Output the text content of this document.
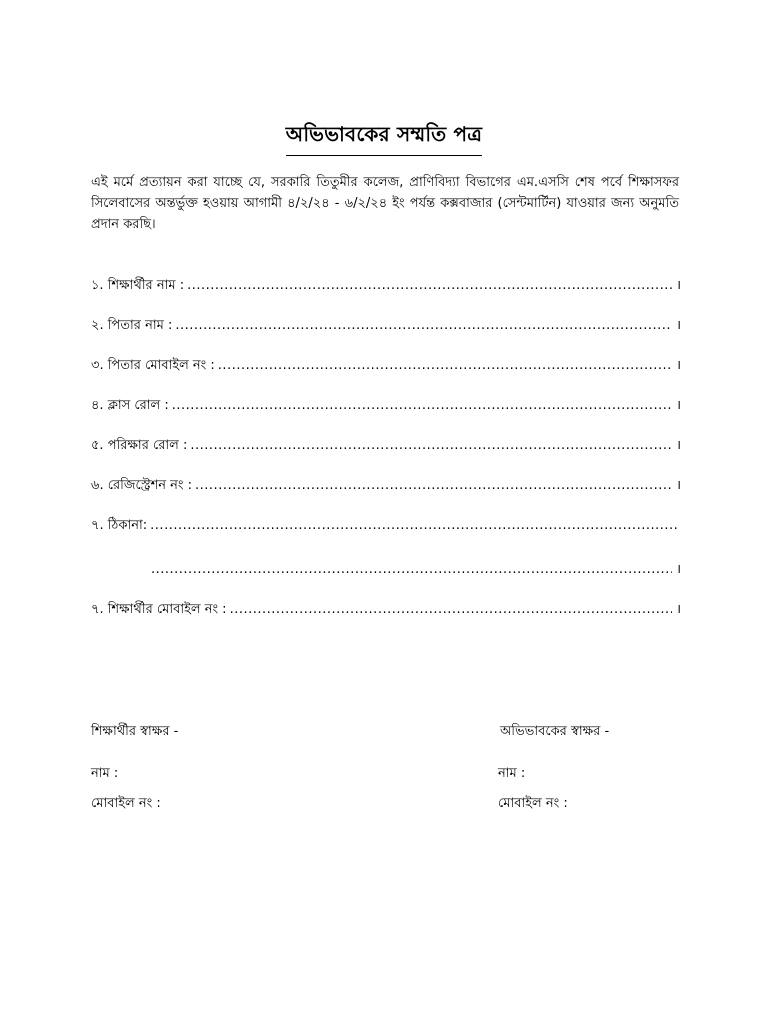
অভিভাবকের সম্মতি পত্র
এই মর্মে প্রত্যায়ন করা যাচ্ছে যে, সরকারি তিতুমীর কলেজ, প্রাণিবিদ্যা বিভাগের এম.এসসি শেষ পর্বে শিক্ষাসফর সিলেবাসের অন্তর্ভুক্ত হওয়ায় আগামী ৪/২/২৪ - ৬/২/২৪ ইং পর্যন্ত কক্সবাজার (সেন্টমার্টিন) যাওয়ার জন্য অনুমতি প্রদান করছি।
১. শিক্ষার্থীর নাম : .....	।
২. পিতার নাম : .....	।
৩. পিতার মোবাইল নং : .....	।
৪. ক্লাস রোল : .....	।
৫. পরিক্ষার রোল : .....	।
৬. রেজিস্ট্রেশন নং : .....	।
৭. ঠিকানা:
.....
.....
।
৭. শিক্ষার্থীর মোবাইল নং : .....	।
শিক্ষার্থীর স্বাক্ষর -
নাম :
মোবাইল নং :
অভিভাবকের স্বাক্ষর -
নাম :
মোবাইল নং :
